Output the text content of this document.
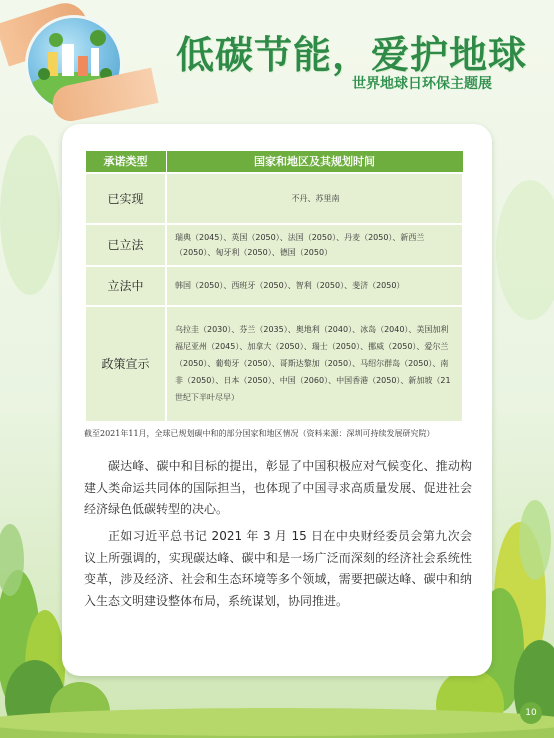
低碳节能，爱护地球
世界地球日环保主题展
承诺类型	国家和地区及其规划时间
已实现	不丹、苏里南
已立法	瑞典（2045）、英国（2050）、法国（2050）、丹麦（2050）、新西兰（2050）、匈牙利（2050）、德国（2050）
立法中	韩国（2050）、西班牙（2050）、智利（2050）、斐济（2050）
政策宣示	乌拉圭（2030）、芬兰（2035）、奥地利（2040）、冰岛（2040）、美国加利福尼亚州（2045）、加拿大（2050）、瑞士（2050）、挪威（2050）、爱尔兰（2050）、葡萄牙（2050）、哥斯达黎加（2050）、马绍尔群岛（2050）、南非（2050）、日本（2050）、中国（2060）、中国香港（2050）、新加坡（21世纪下半叶尽早）
截至2021年11月，全球已规划碳中和的部分国家和地区情况（资料来源：深圳可持续发展研究院）

碳达峰、碳中和目标的提出，彰显了中国积极应对气候变化、推动构建人类命运共同体的国际担当，也体现了中国寻求高质量发展、促进社会经济绿色低碳转型的决心。

正如习近平总书记 2021 年 3 月 15 日在中央财经委员会第九次会议上所强调的，实现碳达峰、碳中和是一场广泛而深刻的经济社会系统性变革，涉及经济、社会和生态环境等多个领域，需要把碳达峰、碳中和纳入生态文明建设整体布局，系统谋划，协同推进。

10
